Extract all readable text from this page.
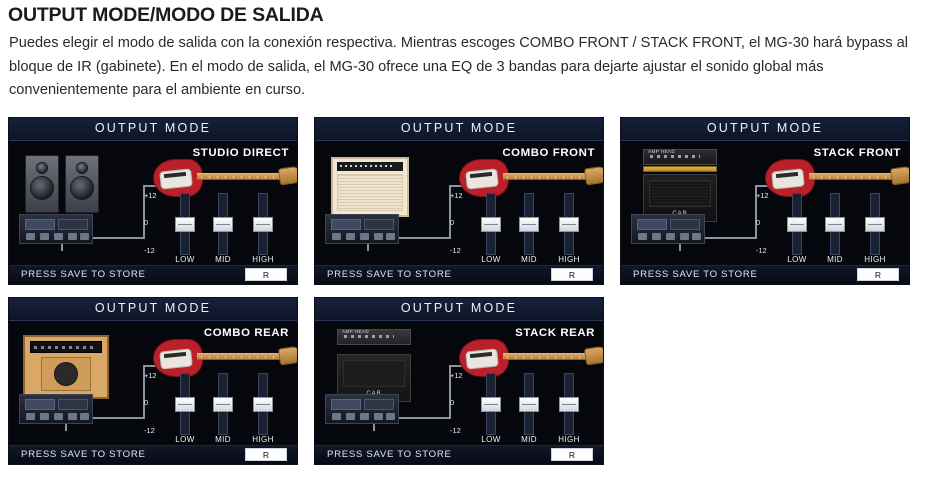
OUTPUT MODE/MODO DE SALIDA
Puedes elegir el modo de salida con la conexión respectiva. Mientras escoges COMBO FRONT / STACK FRONT, el MG-30 hará bypass al bloque de IR (gabinete). En el modo de salida, el MG-30 ofrece una EQ de 3 bandas para dejarte ajustar el sonido global más convenientemente para el ambiente en curso.
OUTPUT MODE
STUDIO DIRECT
+12
0
-12
LOW	MID	HIGH
PRESS SAVE TO STORE	R
OUTPUT MODE
COMBO FRONT
+12
0
-12
LOW	MID	HIGH
PRESS SAVE TO STORE	R
OUTPUT MODE
STACK FRONT
AMP HEAD
+12
0
-12
LOW	MID	HIGH
PRESS SAVE TO STORE	R
OUTPUT MODE
COMBO REAR
+12
0
-12
LOW	MID	HIGH
PRESS SAVE TO STORE	R
OUTPUT MODE
STACK REAR
AMP HEAD
+12
0
-12
LOW	MID	HIGH
PRESS SAVE TO STORE	R
